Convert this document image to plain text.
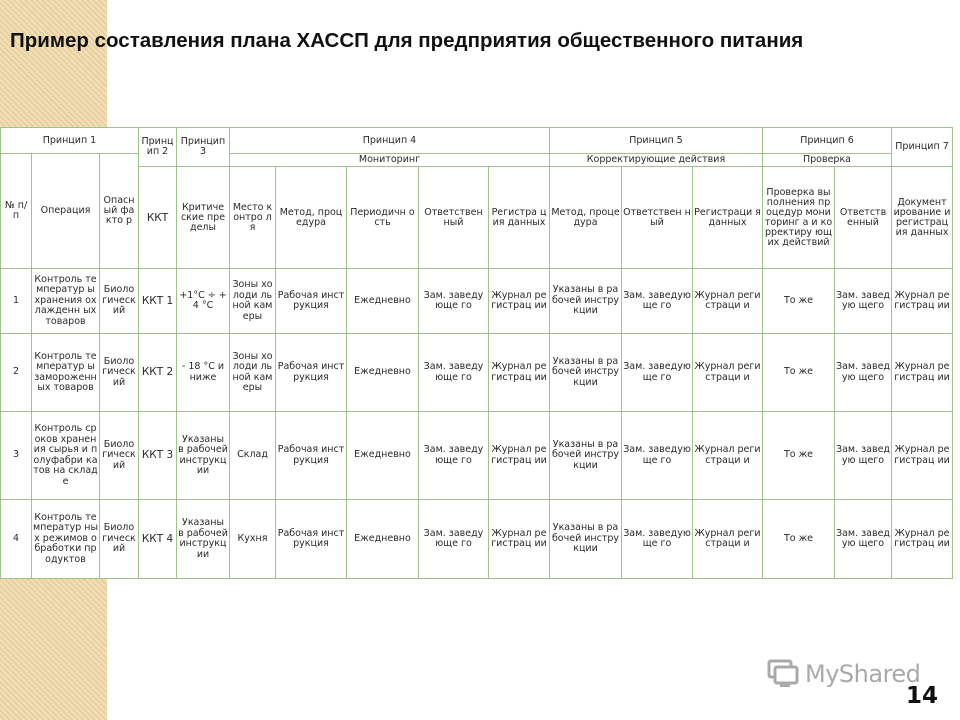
Пример составления плана ХАССП для предприятия общественного питания
Принцип 1			Принц ип 2	Принцип 3	Принцип 4					Принцип 5			Принцип 6		Принцип 7
№ п/п	Операция	Опасн ый факто р			Мониторинг					Корректирующие действия			Проверка		
			ККТ	Критиче ские пределы	Место контро ля	Метод, процедура	Периодичн ость	Ответствен ный	Регистра ция данных	Метод, процедура	Ответствен ный	Регистраци я данных	Проверка выполнения процедур мониторинг а и корректиру ющих действий	Ответств енный	Документ ирование и регистрац ия данных
1	Контроль температур ы хранения охлажденн ых товаров	Биоло гическ ий	ККТ 1	+1°С ÷ +4 °С	Зоны холоди льной камеры	Рабочая инструкция	Ежедневно	Зам. заведующе го	Журнал регистрац ии	Указаны в рабочей инструкции	Зам. заведующе го	Журнал регистраци и	То же	Зам. заведую щего	Журнал регистрац ии
2	Контроль температур ы замороженн ых товаров	Биоло гическ ий	ККТ 2	- 18 °С и ниже	Зоны холоди льной камеры	Рабочая инструкция	Ежедневно	Зам. заведующе го	Журнал регистрац ии	Указаны в рабочей инструкции	Зам. заведующе го	Журнал регистраци и	То же	Зам. заведую щего	Журнал регистрац ии
3	Контроль сроков хранения сырья и полуфабри катов на складе	Биоло гическ ий	ККТ 3	Указаны в рабочей инструкц ии	Склад	Рабочая инструкция	Ежедневно	Зам. заведующе го	Журнал регистрац ии	Указаны в рабочей инструкции	Зам. заведующе го	Журнал регистраци и	То же	Зам. заведую щего	Журнал регистрац ии
4	Контроль температур ных режимов обработки продуктов	Биоло гическ ий	ККТ 4	Указаны в рабочей инструкц ии	Кухня	Рабочая инструкция	Ежедневно	Зам. заведующе го	Журнал регистрац ии	Указаны в рабочей инструкции	Зам. заведующе го	Журнал регистраци и	То же	Зам. заведую щего	Журнал регистрац ии
MyShared
14
